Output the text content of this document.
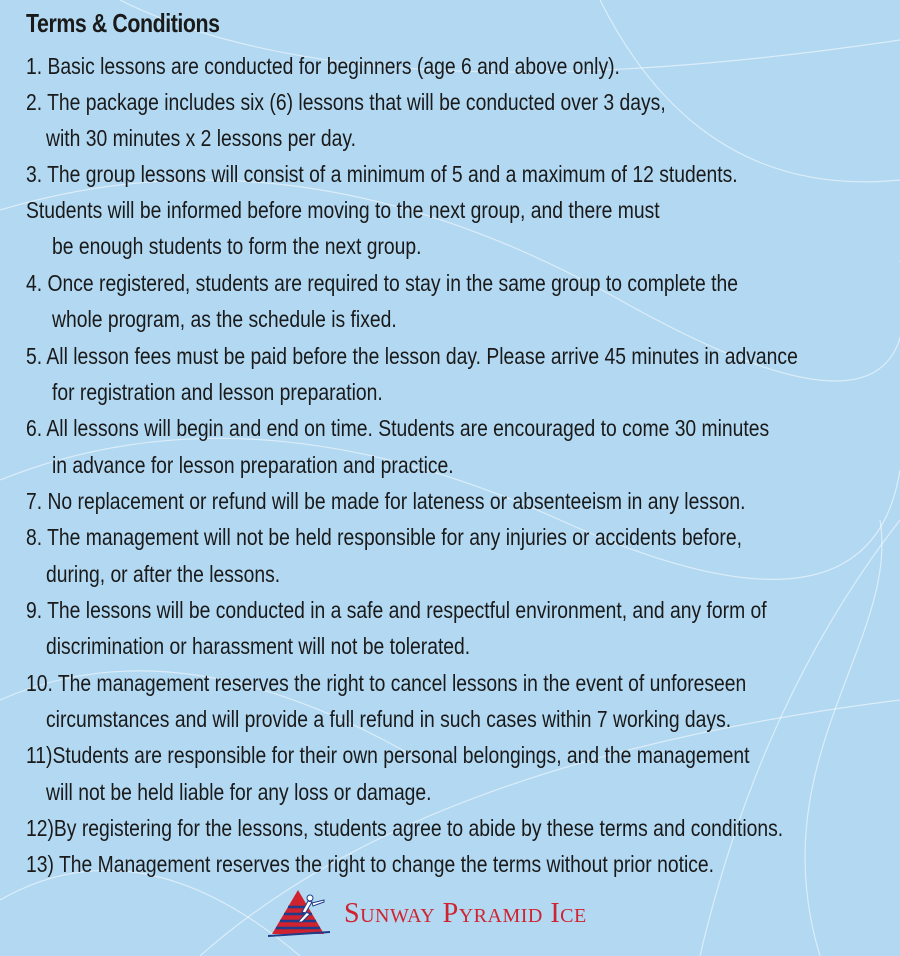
Terms & Conditions
1. Basic lessons are conducted for beginners (age 6 and above only).
2. The package includes six (6) lessons that will be conducted over 3 days,
with 30 minutes x 2 lessons per day.
3. The group lessons will consist of a minimum of 5 and a maximum of 12 students.
Students will be informed before moving to the next group, and there must
be enough students to form the next group.
4. Once registered, students are required to stay in the same group to complete the
whole program, as the schedule is fixed.
5. All lesson fees must be paid before the lesson day. Please arrive 45 minutes in advance
for registration and lesson preparation.
6. All lessons will begin and end on time. Students are encouraged to come 30 minutes
in advance for lesson preparation and practice.
7. No replacement or refund will be made for lateness or absenteeism in any lesson.
8. The management will not be held responsible for any injuries or accidents before,
during, or after the lessons.
9. The lessons will be conducted in a safe and respectful environment, and any form of
discrimination or harassment will not be tolerated.
10. The management reserves the right to cancel lessons in the event of unforeseen
circumstances and will provide a full refund in such cases within 7 working days.
11)Students are responsible for their own personal belongings, and the management
will not be held liable for any loss or damage.
12)By registering for the lessons, students agree to abide by these terms and conditions.
13) The Management reserves the right to change the terms without prior notice.
Sunway Pyramid Ice
